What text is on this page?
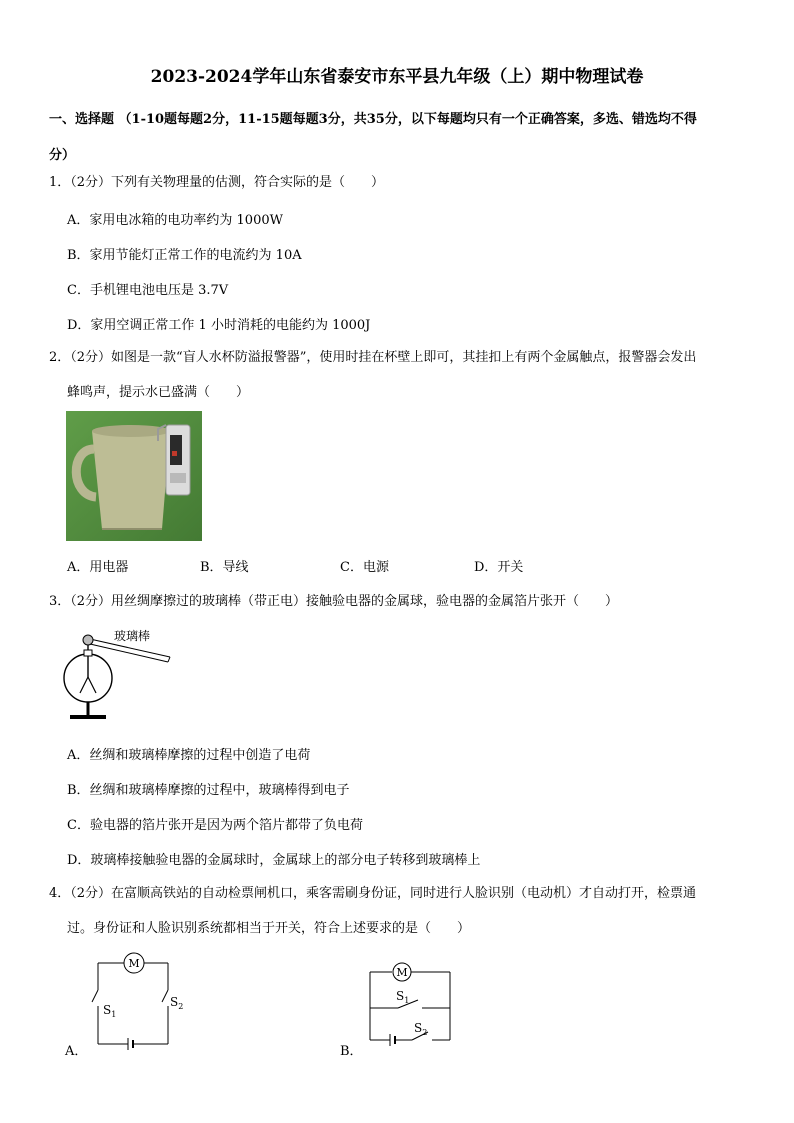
2023-2024学年山东省泰安市东平县九年级（上）期中物理试卷
一、选择题 （1-10题每题2分，11-15题每题3分，共35分，以下每题均只有一个正确答案，多选、错选均不得
分）
1．（2分）下列有关物理量的估测，符合实际的是（　　）
A．家用电冰箱的电功率约为 1000W
B．家用节能灯正常工作的电流约为 10A
C．手机锂电池电压是 3.7V
D．家用空调正常工作 1 小时消耗的电能约为 1000J
2．（2分）如图是一款“盲人水杯防溢报警器”，使用时挂在杯壁上即可，其挂扣上有两个金属触点，报警器会发出
蜂鸣声，提示水已盛满（　　）
A．用电器	B．导线	C．电源	D．开关
3．（2分）用丝绸摩擦过的玻璃棒（带正电）接触验电器的金属球，验电器的金属箔片张开（　　）
玻璃棒
A．丝绸和玻璃棒摩擦的过程中创造了电荷
B．丝绸和玻璃棒摩擦的过程中，玻璃棒得到电子
C．验电器的箔片张开是因为两个箔片都带了负电荷
D．玻璃棒接触验电器的金属球时，金属球上的部分电子转移到玻璃棒上
4．（2分）在富顺高铁站的自动检票闸机口，乘客需刷身份证，同时进行人脸识别（电动机）才自动打开，检票通
过。身份证和人脸识别系统都相当于开关，符合上述要求的是（　　）
A．
M
$S_1$
$S_2$
B．
M
$S_1$
$S_2$
